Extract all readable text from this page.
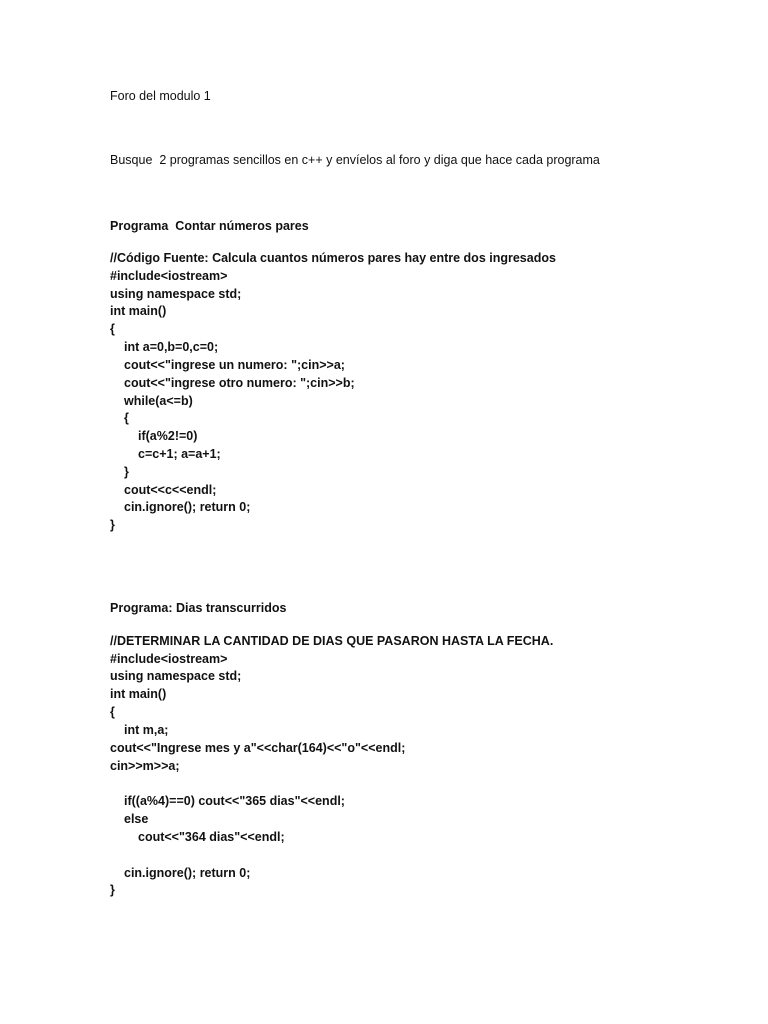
Foro del modulo 1
Busque  2 programas sencillos en c++ y envíelos al foro y diga que hace cada programa
Programa  Contar números pares
//Código Fuente: Calcula cuantos números pares hay entre dos ingresados
#include<iostream>
using namespace std;
int main()
{
int a=0,b=0,c=0;
cout<<"ingrese un numero: ";cin>>a;
cout<<"ingrese otro numero: ";cin>>b;
while(a<=b)
{
if(a%2!=0)
c=c+1; a=a+1;
}
cout<<c<<endl;
cin.ignore(); return 0;
}
Programa: Dias transcurridos
//DETERMINAR LA CANTIDAD DE DIAS QUE PASARON HASTA LA FECHA.
#include<iostream>
using namespace std;
int main()
{
int m,a;
cout<<"Ingrese mes y a"<<char(164)<<"o"<<endl;
cin>>m>>a;
if((a%4)==0) cout<<"365 dias"<<endl;
else
cout<<"364 dias"<<endl;
cin.ignore(); return 0;
}
